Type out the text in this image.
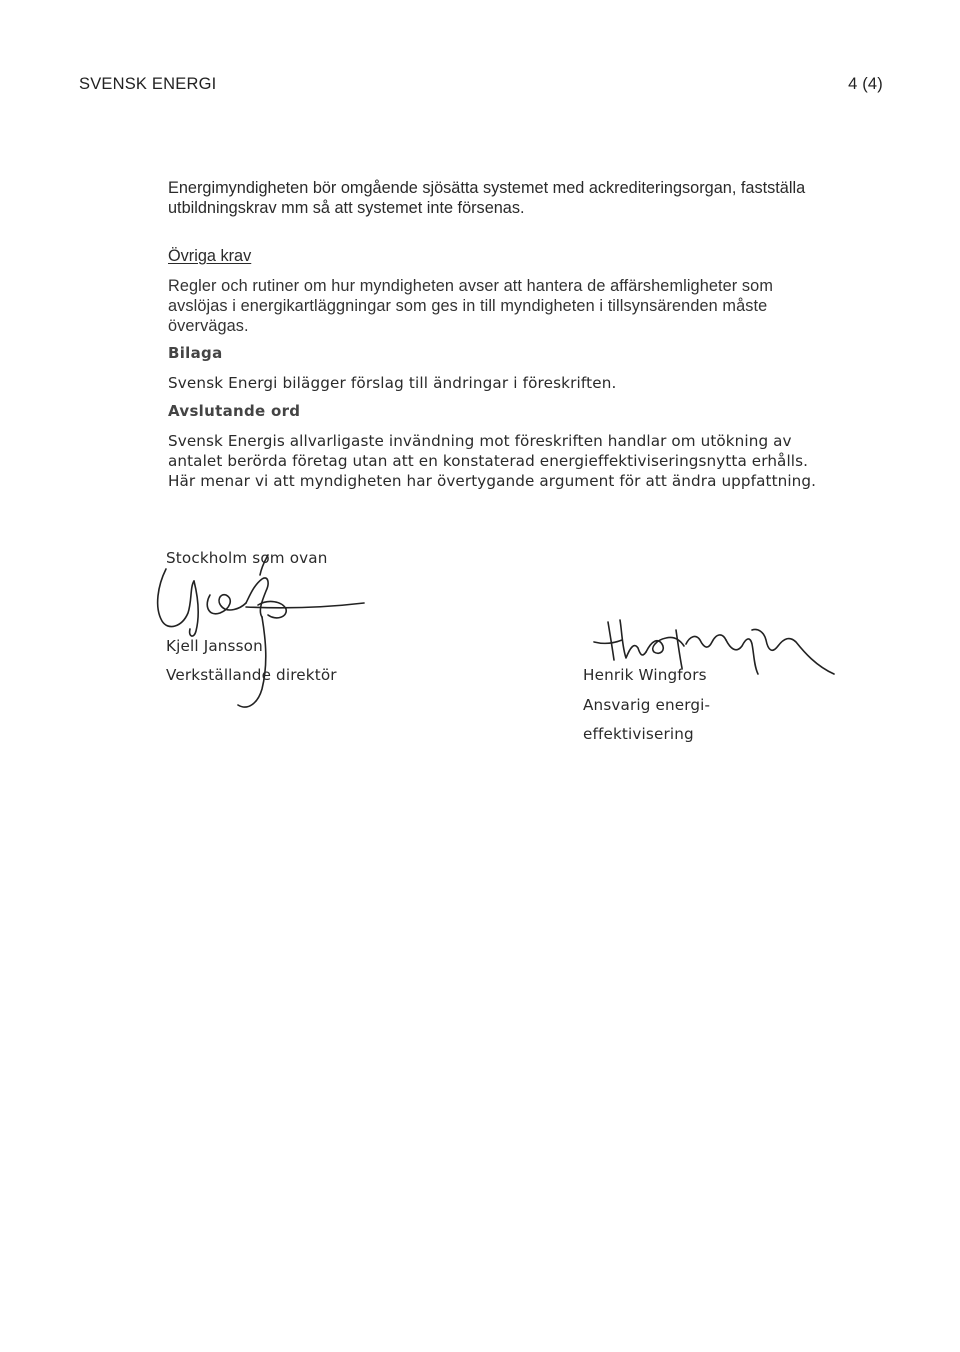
SVENSK ENERGI	4 (4)
Energimyndigheten bör omgående sjösätta systemet med ackrediteringsorgan, fastställa utbildningskrav mm så att systemet inte försenas.
Övriga krav
Regler och rutiner om hur myndigheten avser att hantera de affärshemligheter som avslöjas i energikartläggningar som ges in till myndigheten i tillsynsärenden måste övervägas.
Bilaga
Svensk Energi bilägger förslag till ändringar i föreskriften.
Avslutande ord
Svensk Energis allvarligaste invändning mot föreskriften handlar om utökning av antalet berörda företag utan att en konstaterad energieffektiviseringsnytta erhålls. Här menar vi att myndigheten har övertygande argument för att ändra uppfattning.
Stockholm som ovan
Kjell Jansson
Verkställande direktör	Henrik Wingfors
Ansvarig energi-
effektivisering
